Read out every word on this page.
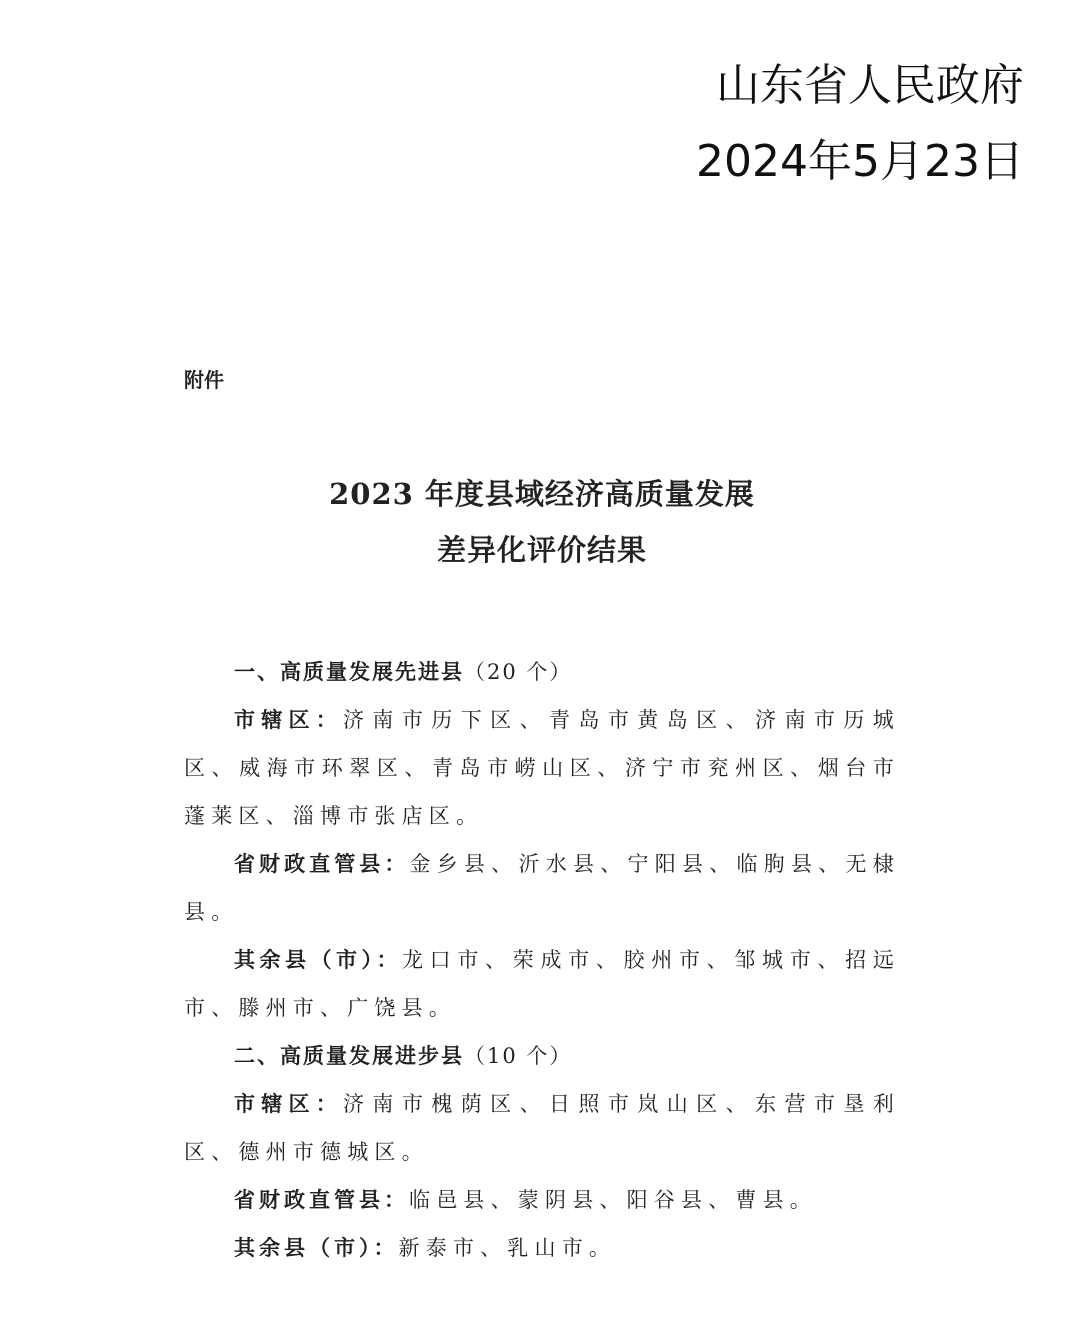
山东省人民政府
2024年5月23日
附件
2023 年度县域经济高质量发展
差异化评价结果

一、高质量发展先进县（20 个）

市辖区：济南市历下区、青岛市黄岛区、济南市历城区、威海市环翠区、青岛市崂山区、济宁市兖州区、烟台市蓬莱区、淄博市张店区。

省财政直管县：金乡县、沂水县、宁阳县、临朐县、无棣县。

其余县（市）：龙口市、荣成市、胶州市、邹城市、招远市、滕州市、广饶县。

二、高质量发展进步县（10 个）

市辖区：济南市槐荫区、日照市岚山区、东营市垦利区、德州市德城区。

省财政直管县：临邑县、蒙阴县、阳谷县、曹县。

其余县（市）：新泰市、乳山市。
